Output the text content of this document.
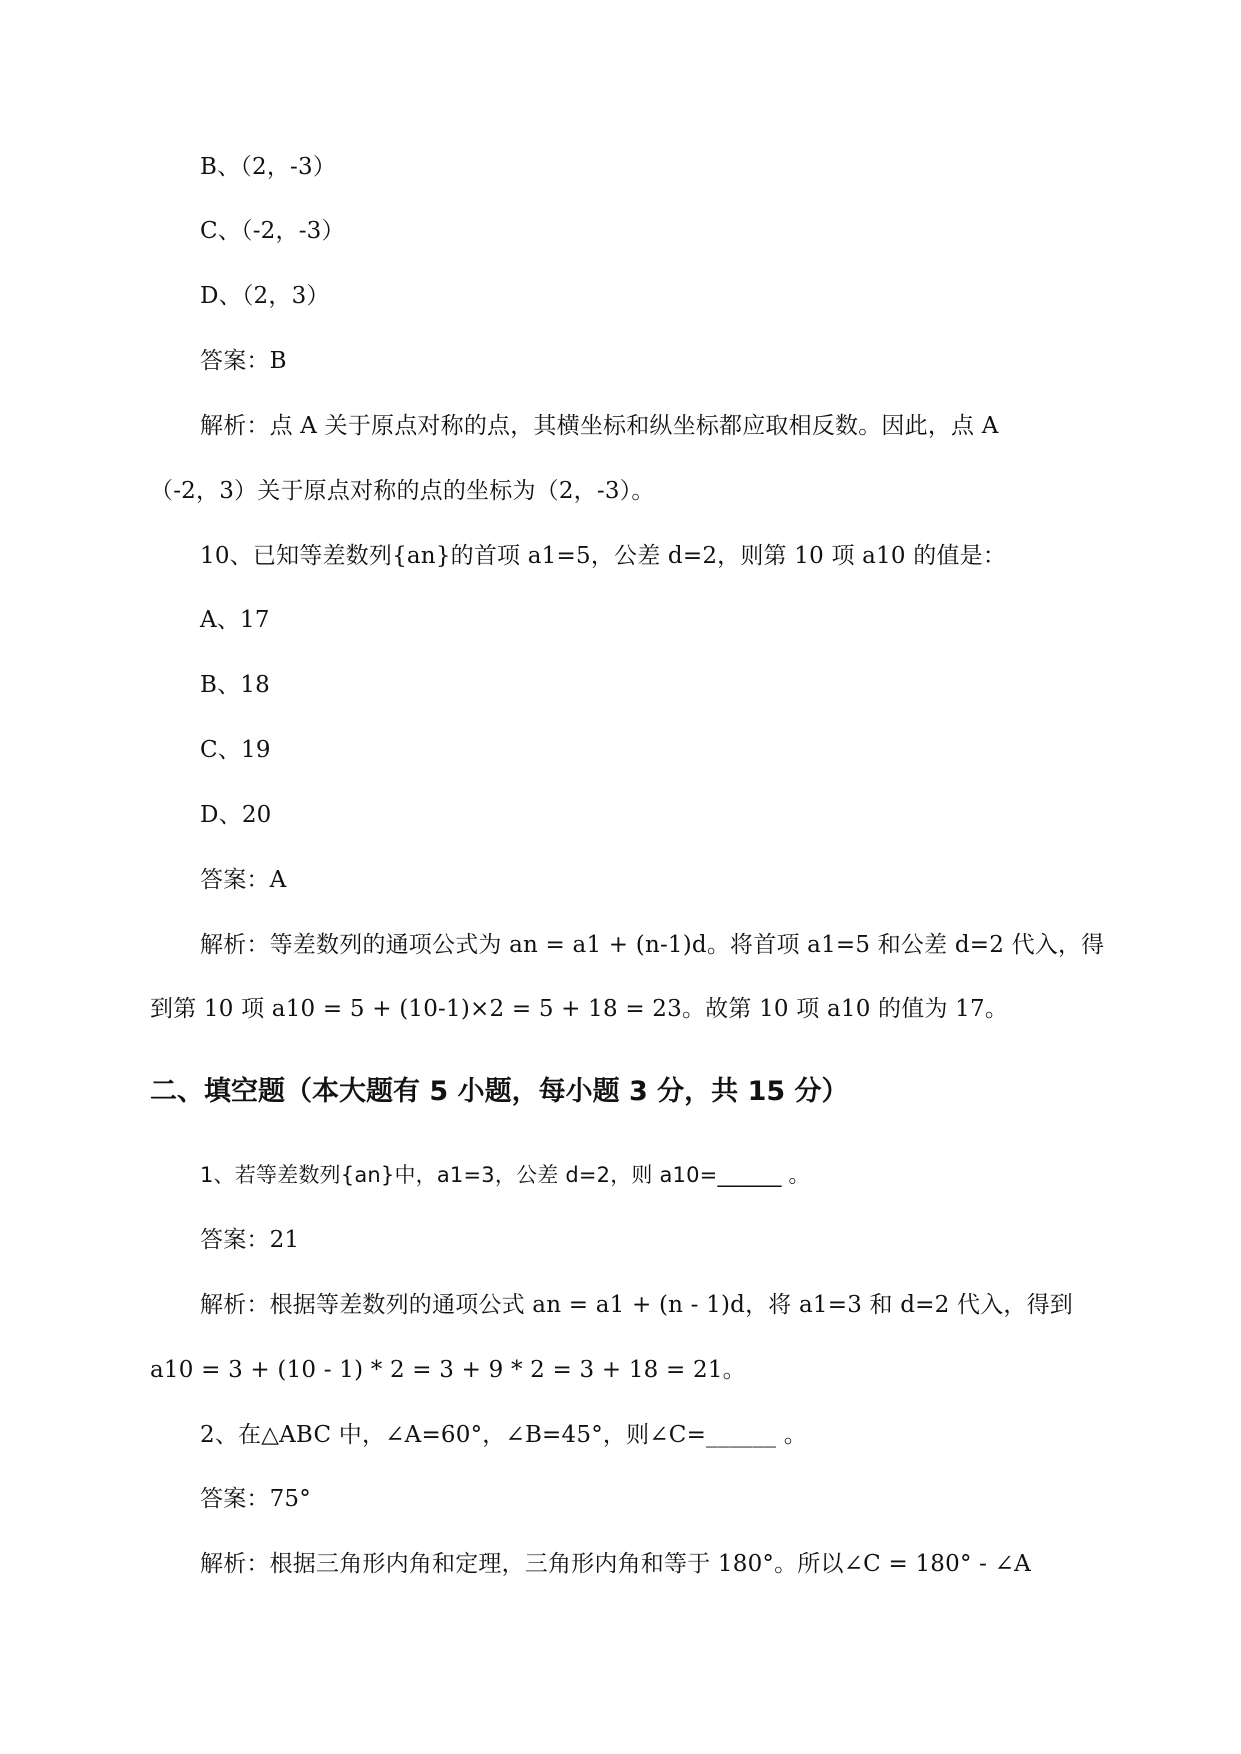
B、（2，-3）
C、（-2，-3）
D、（2，3）
答案：B
解析：点 A 关于原点对称的点，其横坐标和纵坐标都应取相反数。因此，点 A
（-2，3）关于原点对称的点的坐标为（2，-3）。
10、已知等差数列{an}的首项 a1=5，公差 d=2，则第 10 项 a10 的值是：
A、17
B、18
C、19
D、20
答案：A
解析：等差数列的通项公式为 an = a1 + (n-1)d。将首项 a1=5 和公差 d=2 代入，得
到第 10 项 a10 = 5 + (10-1)×2 = 5 + 18 = 23。故第 10 项 a10 的值为 17。
二、填空题（本大题有 5 小题，每小题 3 分，共 15 分）
1、若等差数列{an}中，a1=3，公差 d=2，则 a10=______ 。
答案：21
解析：根据等差数列的通项公式 an = a1 + (n - 1)d，将 a1=3 和 d=2 代入，得到
a10 = 3 + (10 - 1) * 2 = 3 + 9 * 2 = 3 + 18 = 21。
2、在△ABC 中，∠A=60°，∠B=45°，则∠C=______ 。
答案：75°
解析：根据三角形内角和定理，三角形内角和等于 180°。所以∠C = 180° - ∠A
